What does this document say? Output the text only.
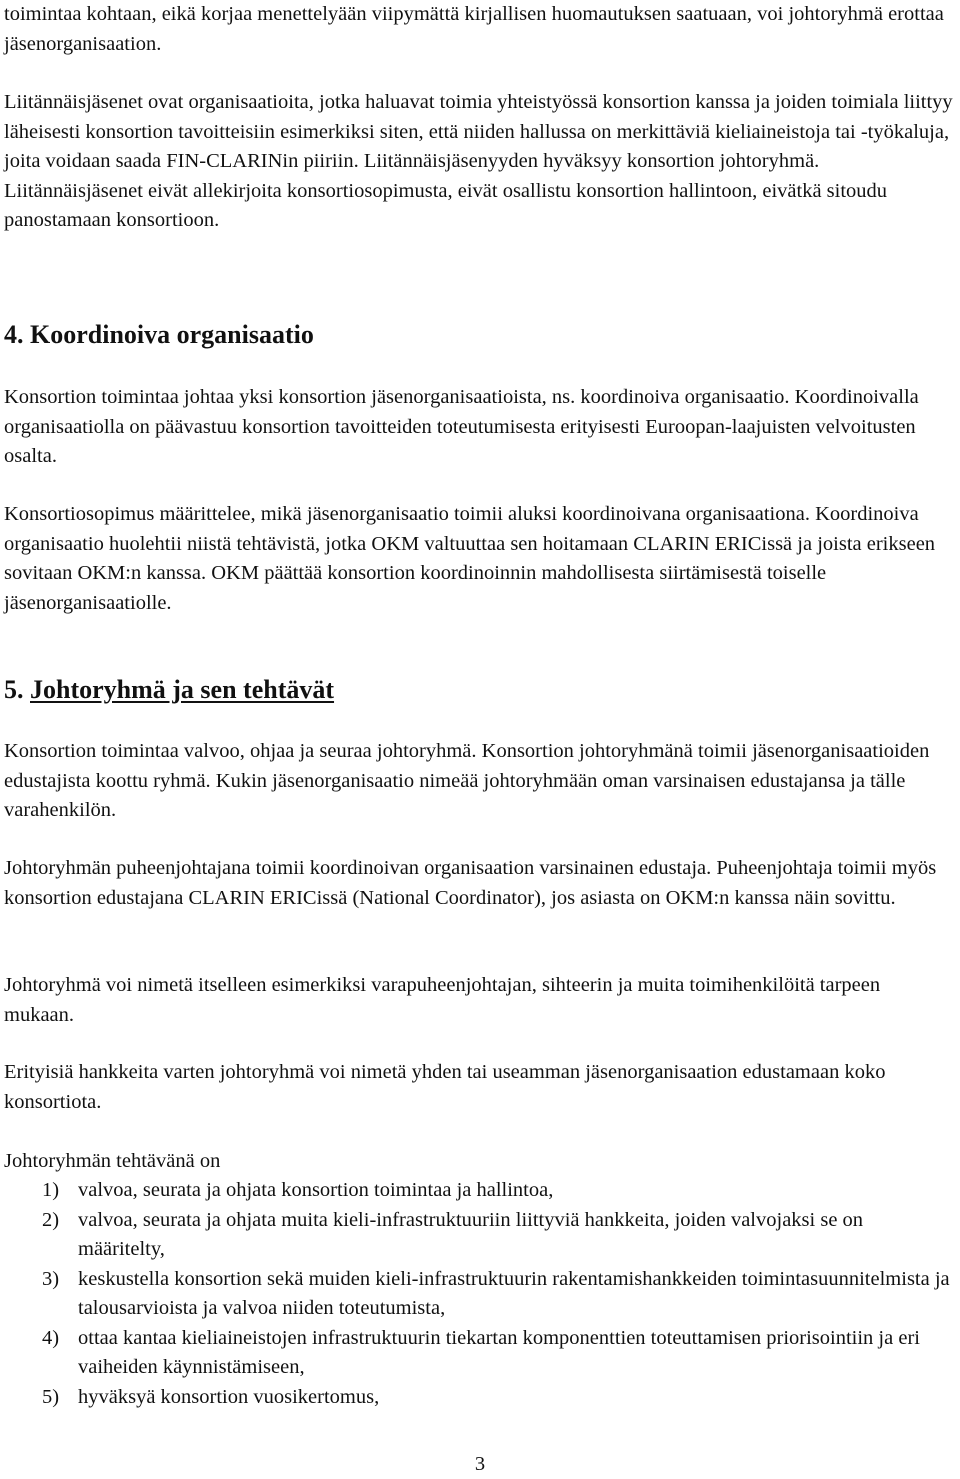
toimintaa kohtaan, eikä korjaa menettelyään viipymättä kirjallisen huomautuksen saatuaan, voi johtoryhmä erottaa jäsenorganisaation.

Liitännäisjäsenet ovat organisaatioita, jotka haluavat toimia yhteistyössä konsortion kanssa ja joiden toimiala liittyy läheisesti konsortion tavoitteisiin esimerkiksi siten, että niiden hallussa on merkittäviä kieliaineistoja tai -työkaluja, joita voidaan saada FIN-CLARINin piiriin. Liitännäisjäsenyyden hyväksyy konsortion johtoryhmä. Liitännäisjäsenet eivät allekirjoita konsortiosopimusta, eivät osallistu konsortion hallintoon, eivätkä sitoudu panostamaan konsortioon.

4. Koordinoiva organisaatio

Konsortion toimintaa johtaa yksi konsortion jäsenorganisaatioista, ns. koordinoiva organisaatio. Koordinoivalla organisaatiolla on päävastuu konsortion tavoitteiden toteutumisesta erityisesti Euroopan-laajuisten velvoitusten osalta.

Konsortiosopimus määrittelee, mikä jäsenorganisaatio toimii aluksi koordinoivana organisaationa. Koordinoiva organisaatio huolehtii niistä tehtävistä, jotka OKM valtuuttaa sen hoitamaan CLARIN ERICissä ja joista erikseen sovitaan OKM:n kanssa. OKM päättää konsortion koordinoinnin mahdollisesta siirtämisestä toiselle jäsenorganisaatiolle.

5. Johtoryhmä ja sen tehtävät

Konsortion toimintaa valvoo, ohjaa ja seuraa johtoryhmä. Konsortion johtoryhmänä toimii jäsenorganisaatioiden edustajista koottu ryhmä. Kukin jäsenorganisaatio nimeää johtoryhmään oman varsinaisen edustajansa ja tälle varahenkilön.

Johtoryhmän puheenjohtajana toimii koordinoivan organisaation varsinainen edustaja. Puheenjohtaja toimii myös konsortion edustajana CLARIN ERICissä (National Coordinator), jos asiasta on OKM:n kanssa näin sovittu.

Johtoryhmä voi nimetä itselleen esimerkiksi varapuheenjohtajan, sihteerin ja muita toimihenkilöitä tarpeen mukaan.

Erityisiä hankkeita varten johtoryhmä voi nimetä yhden tai useamman jäsenorganisaation edustamaan koko konsortiota.

Johtoryhmän tehtävänä on

1) valvoa, seurata ja ohjata konsortion toimintaa ja hallintoa,
2) valvoa, seurata ja ohjata muita kieli-infrastruktuuriin liittyviä hankkeita, joiden valvojaksi se on määritelty,
3) keskustella konsortion sekä muiden kieli-infrastruktuurin rakentamishankkeiden toimintasuunnitelmista ja talousarvioista ja valvoa niiden toteutumista,
4) ottaa kantaa kieliaineistojen infrastruktuurin tiekartan komponenttien toteuttamisen priorisointiin ja eri vaiheiden käynnistämiseen,
5) hyväksyä konsortion vuosikertomus,
3
